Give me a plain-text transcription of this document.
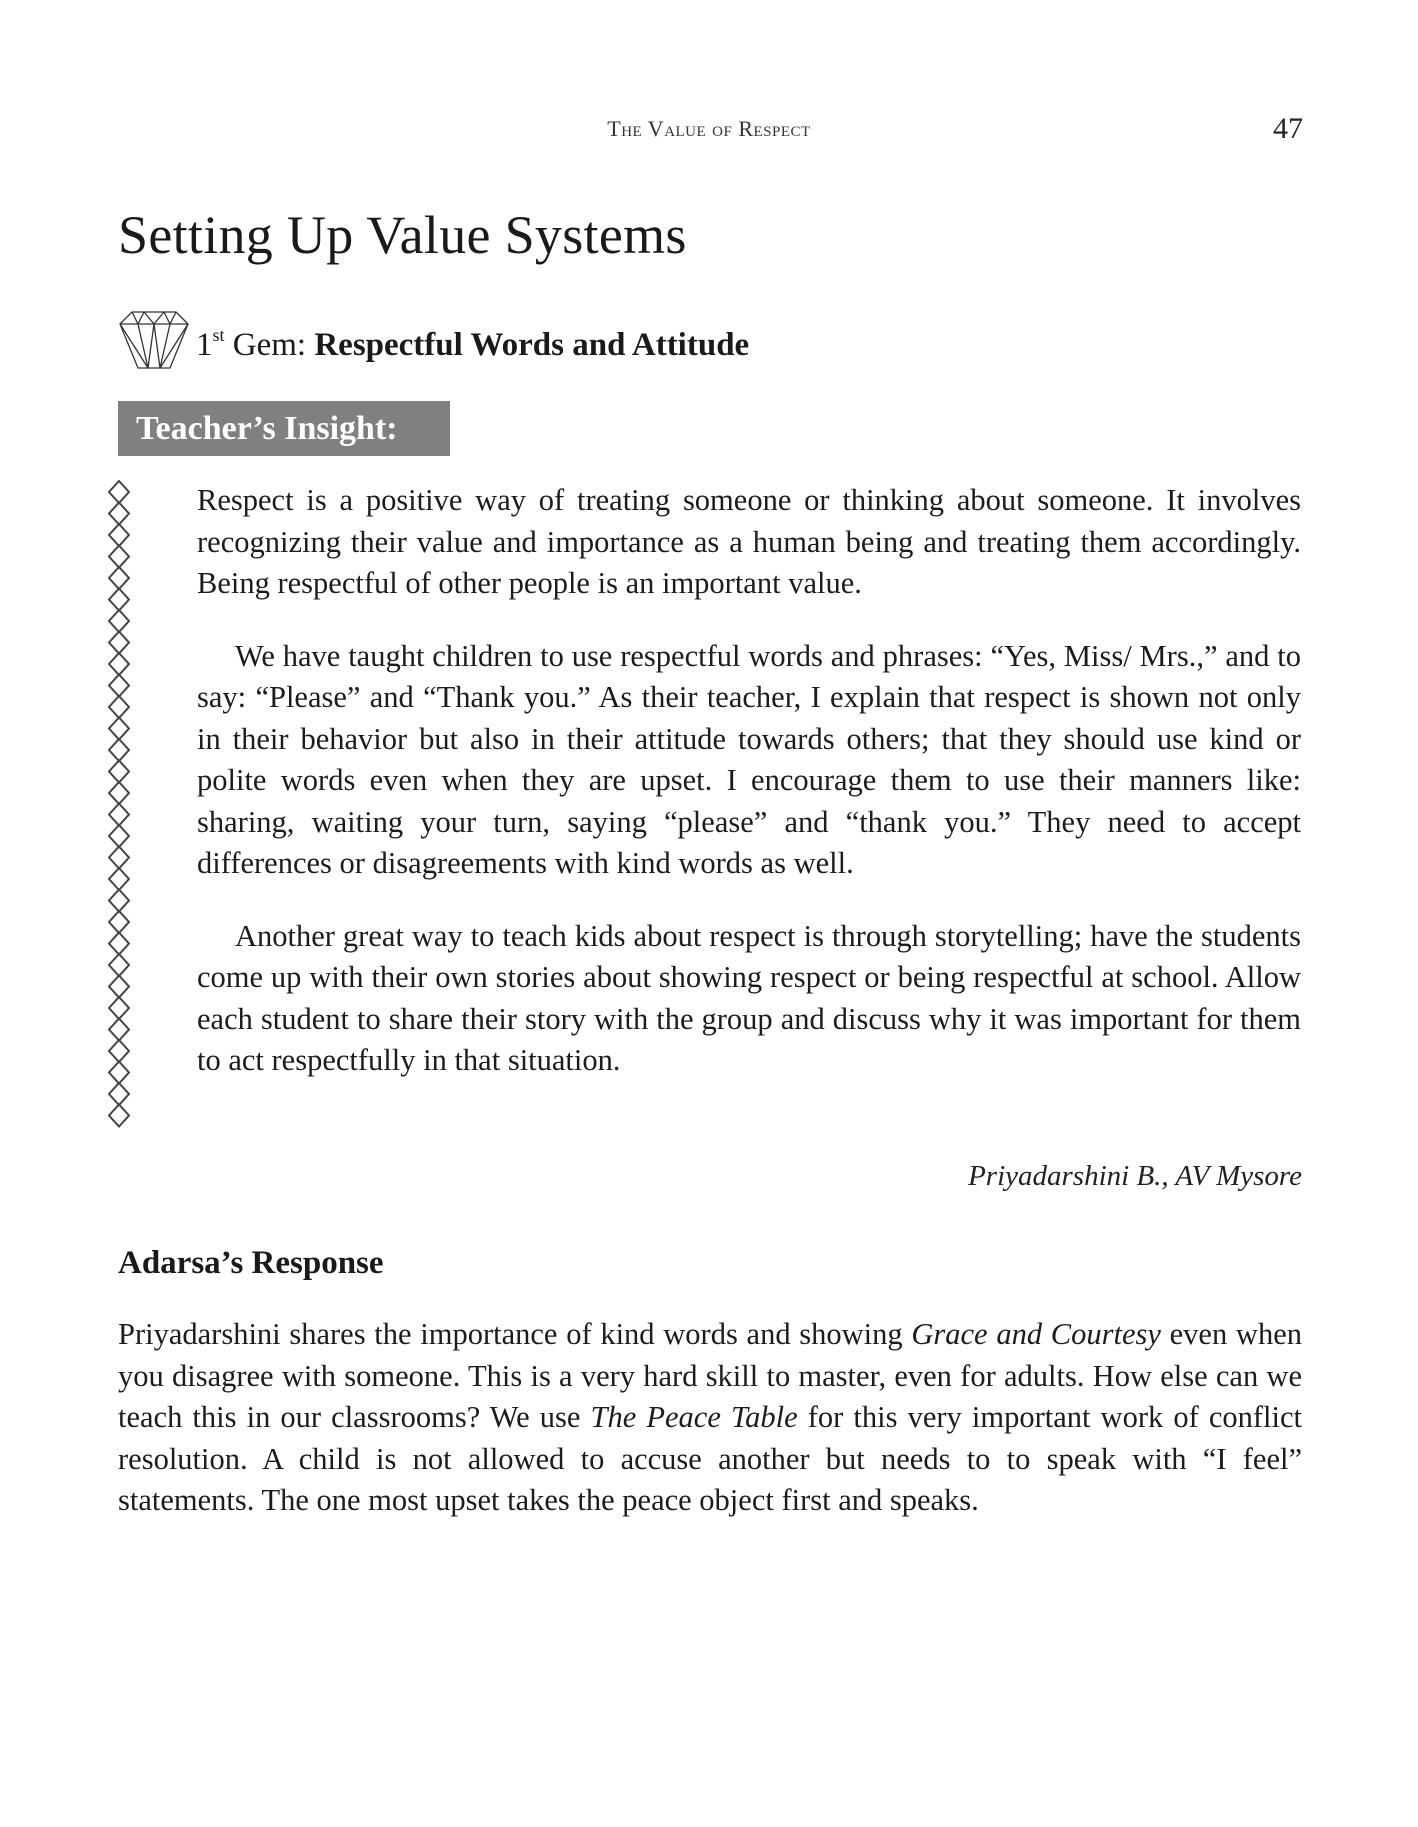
The Value of Respect	47
Setting Up Value Systems
1st Gem: Respectful Words and Attitude
Teacher’s Insight:

Respect is a positive way of treating someone or thinking about someone. It involves recognizing their value and importance as a human being and treating them accordingly. Being respectful of other people is an important value.

We have taught children to use respectful words and phrases: “Yes, Miss/ Mrs.,” and to say: “Please” and “Thank you.” As their teacher, I explain that respect is shown not only in their behavior but also in their attitude towards others; that they should use kind or polite words even when they are upset. I encourage them to use their manners like: sharing, waiting your turn, saying “please” and “thank you.” They need to accept differences or disagreements with kind words as well.

Another great way to teach kids about respect is through storytelling; have the students come up with their own stories about showing respect or being respectful at school. Allow each student to share their story with the group and discuss why it was important for them to act respectfully in that situation.

Priyadarshini B., AV Mysore
Adarsa’s Response

Priyadarshini shares the importance of kind words and showing Grace and Courtesy even when you disagree with someone. This is a very hard skill to master, even for adults. How else can we teach this in our classrooms? We use The Peace Table for this very important work of conflict resolution. A child is not allowed to accuse another but needs to to speak with “I feel” statements. The one most upset takes the peace object first and speaks.
